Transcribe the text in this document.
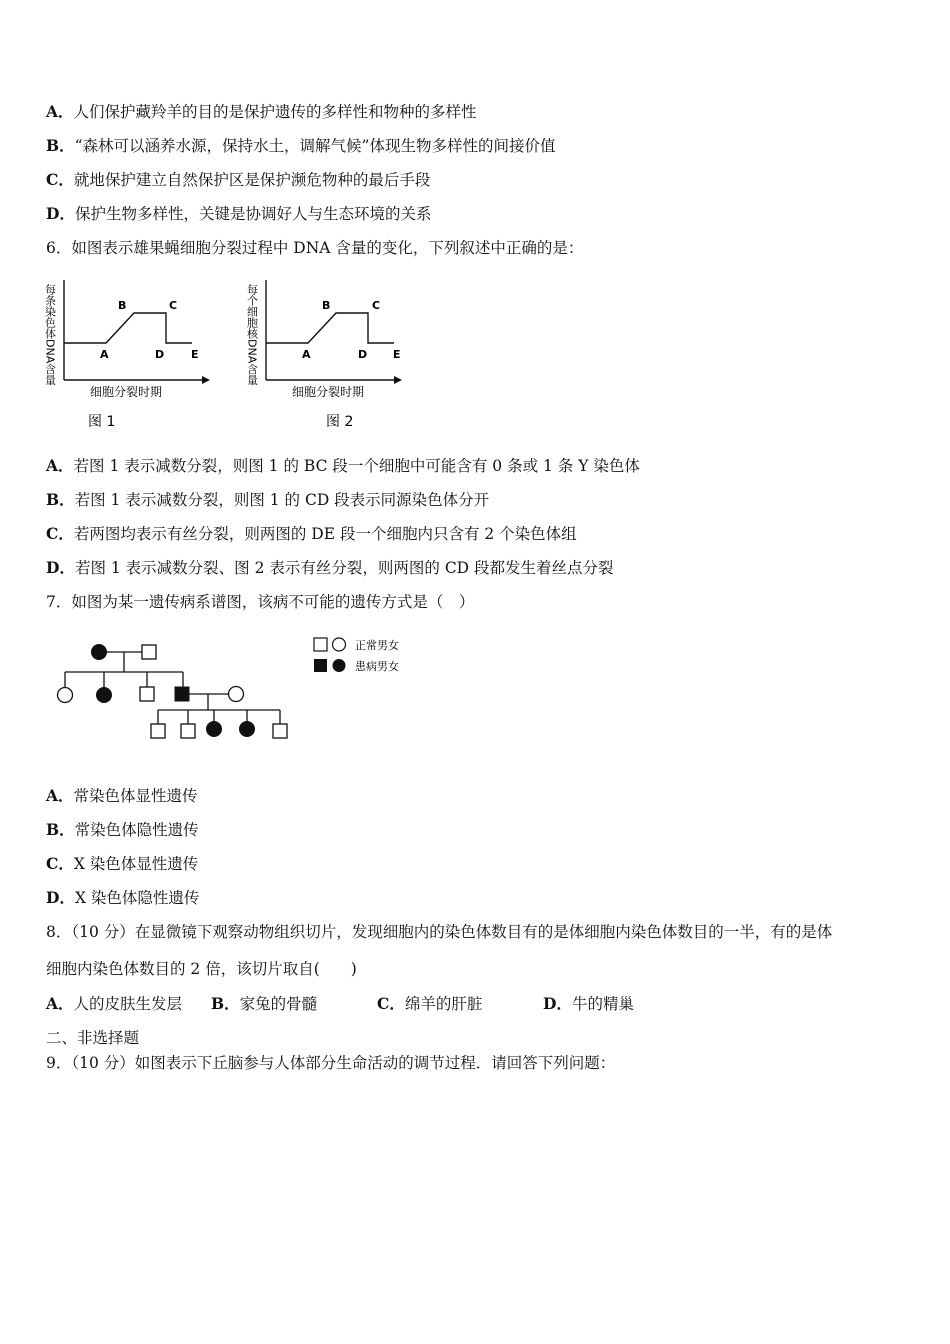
A．人们保护藏羚羊的目的是保护遗传的多样性和物种的多样性
B．“森林可以涵养水源，保持水土，调解气候”体现生物多样性的间接价值
C．就地保护建立自然保护区是保护濒危物种的最后手段
D．保护生物多样性，关键是协调好人与生态环境的关系
6．如图表示雄果蝇细胞分裂过程中 DNA 含量的变化，下列叙述中正确的是：
每条染色体DNA含量	A
B	C
D E
细胞分裂时期
图 1
每个细胞核DNA含量	A
B	C
D E
细胞分裂时期
图 2
A．若图 1 表示减数分裂，则图 1 的 BC 段一个细胞中可能含有 0 条或 1 条 Y 染色体
B．若图 1 表示减数分裂，则图 1 的 CD 段表示同源染色体分开
C．若两图均表示有丝分裂，则两图的 DE 段一个细胞内只含有 2 个染色体组
D．若图 1 表示减数分裂、图 2 表示有丝分裂，则两图的 CD 段都发生着丝点分裂
7．如图为某一遗传病系谱图，该病不可能的遗传方式是（　）
正常男女
患病男女
A．常染色体显性遗传
B．常染色体隐性遗传
C．X 染色体显性遗传
D．X 染色体隐性遗传
8．（10 分）在显微镜下观察动物组织切片，发现细胞内的染色体数目有的是体细胞内染色体数目的一半，有的是体
细胞内染色体数目的 2 倍，该切片取自(　　)
A．人的皮肤生发层 B．家兔的骨髓	C．绵羊的肝脏	D．牛的精巢
二、非选择题
9．（10 分）如图表示下丘脑参与人体部分生命活动的调节过程．请回答下列问题：
